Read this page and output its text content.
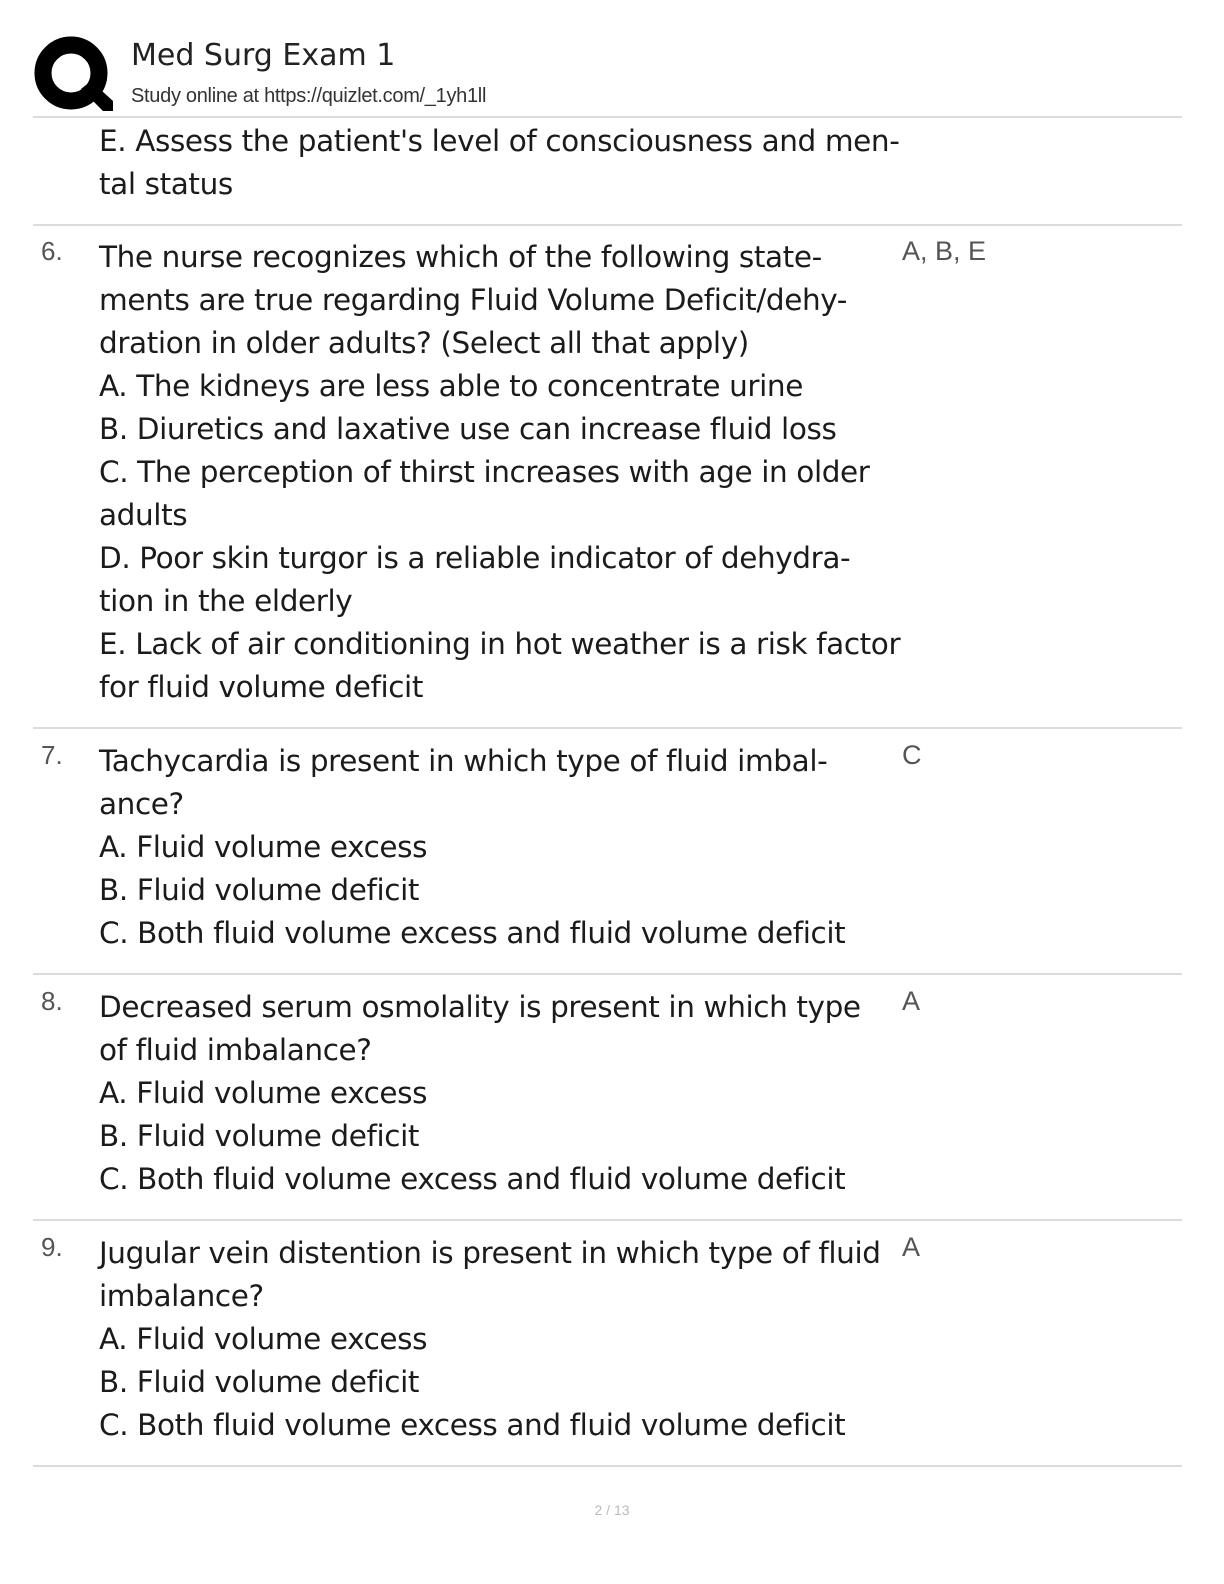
Med Surg Exam 1
Study online at https://quizlet.com/_1yh1ll
E. Assess the patient's level of consciousness and men-
tal status
6. The nurse recognizes which of the following state-
ments are true regarding Fluid Volume Deficit/dehy-
dration in older adults? (Select all that apply)
A. The kidneys are less able to concentrate urine
B. Diuretics and laxative use can increase fluid loss
C. The perception of thirst increases with age in older
adults
D. Poor skin turgor is a reliable indicator of dehydra-
tion in the elderly
E. Lack of air conditioning in hot weather is a risk factor
for fluid volume deficit
A, B, E
7. Tachycardia is present in which type of fluid imbal-
ance?
A. Fluid volume excess
B. Fluid volume deficit
C. Both fluid volume excess and fluid volume deficit
C
8. Decreased serum osmolality is present in which type
of fluid imbalance?
A. Fluid volume excess
B. Fluid volume deficit
C. Both fluid volume excess and fluid volume deficit
A
9. Jugular vein distention is present in which type of fluid
imbalance?
A. Fluid volume excess
B. Fluid volume deficit
C. Both fluid volume excess and fluid volume deficit
A
2 / 13
